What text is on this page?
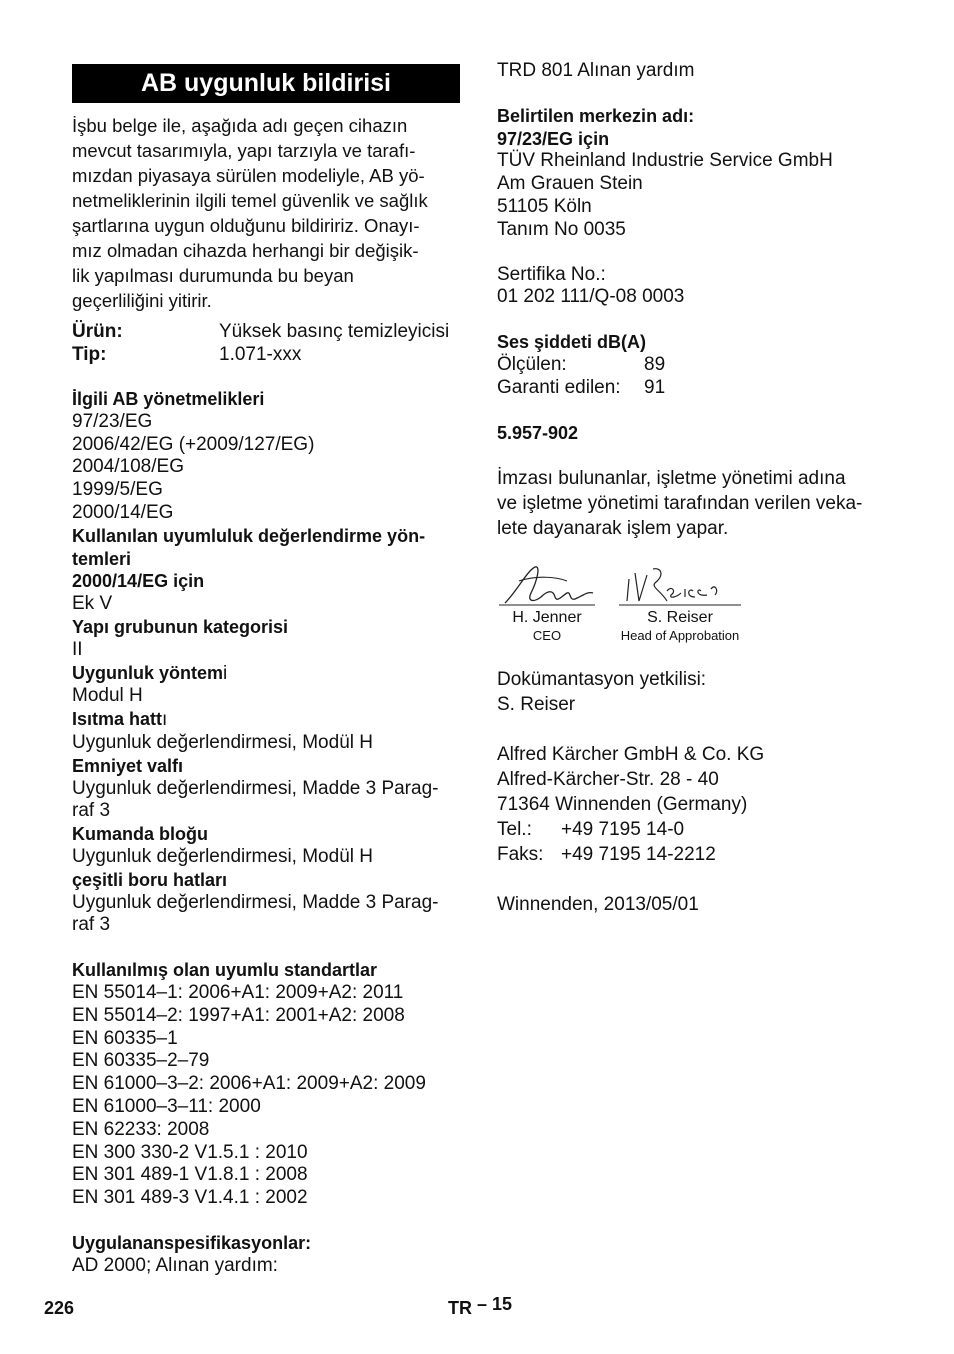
AB uygunluk bildirisi

İşbu belge ile, aşağıda adı geçen cihazın

mevcut tasarımıyla, yapı tarzıyla ve tarafı-

mızdan piyasaya sürülen modeliyle, AB yö-

netmeliklerinin ilgili temel güvenlik ve sağlık

şartlarına uygun olduğunu bildiririz. Onayı-

mız olmadan cihazda herhangi bir değişik-

lik yapılması durumunda bu beyan

geçerliliğini yitirir.

Ürün:	Yüksek basınç temizleyicisi
Tip:	1.071-xxx
İlgili AB yönetmelikleri
97/23/EG
2006/42/EG (+2009/127/EG)
2004/108/EG
1999/5/EG
2000/14/EG
Kullanılan uyumluluk değerlendirme yön-
temleri
2000/14/EG için
Ek V
Yapı grubunun kategorisi
II
Uygunluk yöntemi
Modul H
Isıtma hattı
Uygunluk değerlendirmesi, Modül H
Emniyet valfı
Uygunluk değerlendirmesi, Madde 3 Parag-
raf 3
Kumanda bloğu
Uygunluk değerlendirmesi, Modül H
çeşitli boru hatları
Uygunluk değerlendirmesi, Madde 3 Parag-
raf 3
Kullanılmış olan uyumlu standartlar
EN 55014–1: 2006+A1: 2009+A2: 2011
EN 55014–2: 1997+A1: 2001+A2: 2008
EN 60335–1
EN 60335–2–79
EN 61000–3–2: 2006+A1: 2009+A2: 2009
EN 61000–3–11: 2000
EN 62233: 2008
EN 300 330-2 V1.5.1 : 2010
EN 301 489-1 V1.8.1 : 2008
EN 301 489-3 V1.4.1 : 2002
Uygulananspesifikasyonlar:
AD 2000; Alınan yardım:
TRD 801 Alınan yardım
Belirtilen merkezin adı:
97/23/EG için
TÜV Rheinland Industrie Service GmbH
Am Grauen Stein
51105 Köln
Tanım No 0035
Sertifika No.:
01 202 111/Q-08 0003
Ses şiddeti dB(A)
Ölçülen:	89
Garanti edilen:	91
5.957-902
İmzası bulunanlar, işletme yönetimi adına
ve işletme yönetimi tarafından verilen veka-
lete dayanarak işlem yapar.
H. Jenner
CEO
S. Reiser
Head of Approbation
Dokümantasyon yetkilisi:
S. Reiser
Alfred Kärcher GmbH & Co. KG
Alfred-Kärcher-Str. 28 - 40
71364 Winnenden (Germany)
Tel.: +49 7195 14-0
Faks: +49 7195 14-2212
Winnenden, 2013/05/01
226	TR – 15
